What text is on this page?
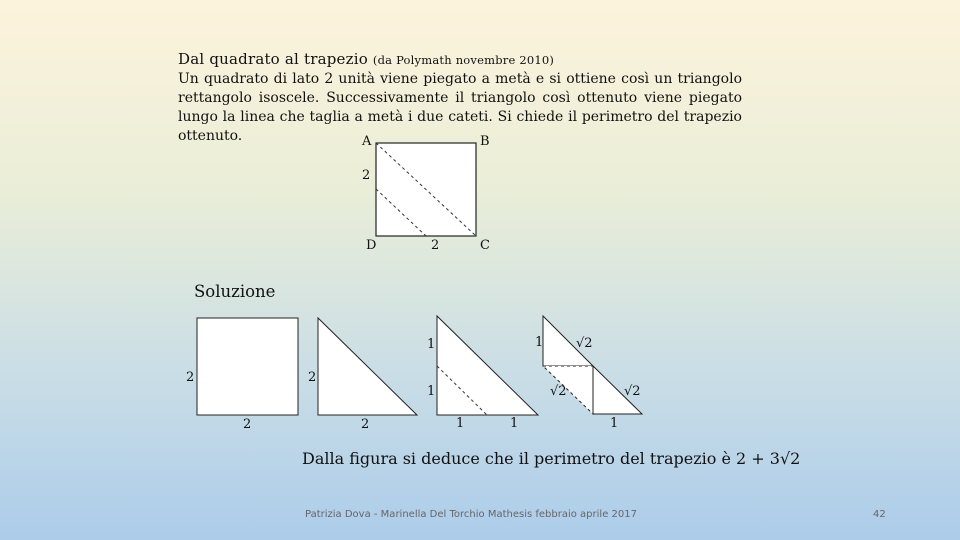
Dal quadrato al trapezio (da Polymath novembre 2010)
Un quadrato di lato 2 unità viene piegato a metà e si ottiene così un triangolo rettangolo isoscele. Successivamente il triangolo così ottenuto viene piegato lungo la linea che taglia a metà i due cateti. Si chiede il perimetro del trapezio ottenuto.	A	B
C
D
2
2
Soluzione
2
2
2
2
1
1
1	1
1	√2
√2	√2
1
Dalla figura si deduce che il perimetro del trapezio è 2 + 3√2
Patrizia Dova - Marinella Del Torchio Mathesis febbraio aprile 2017	42
